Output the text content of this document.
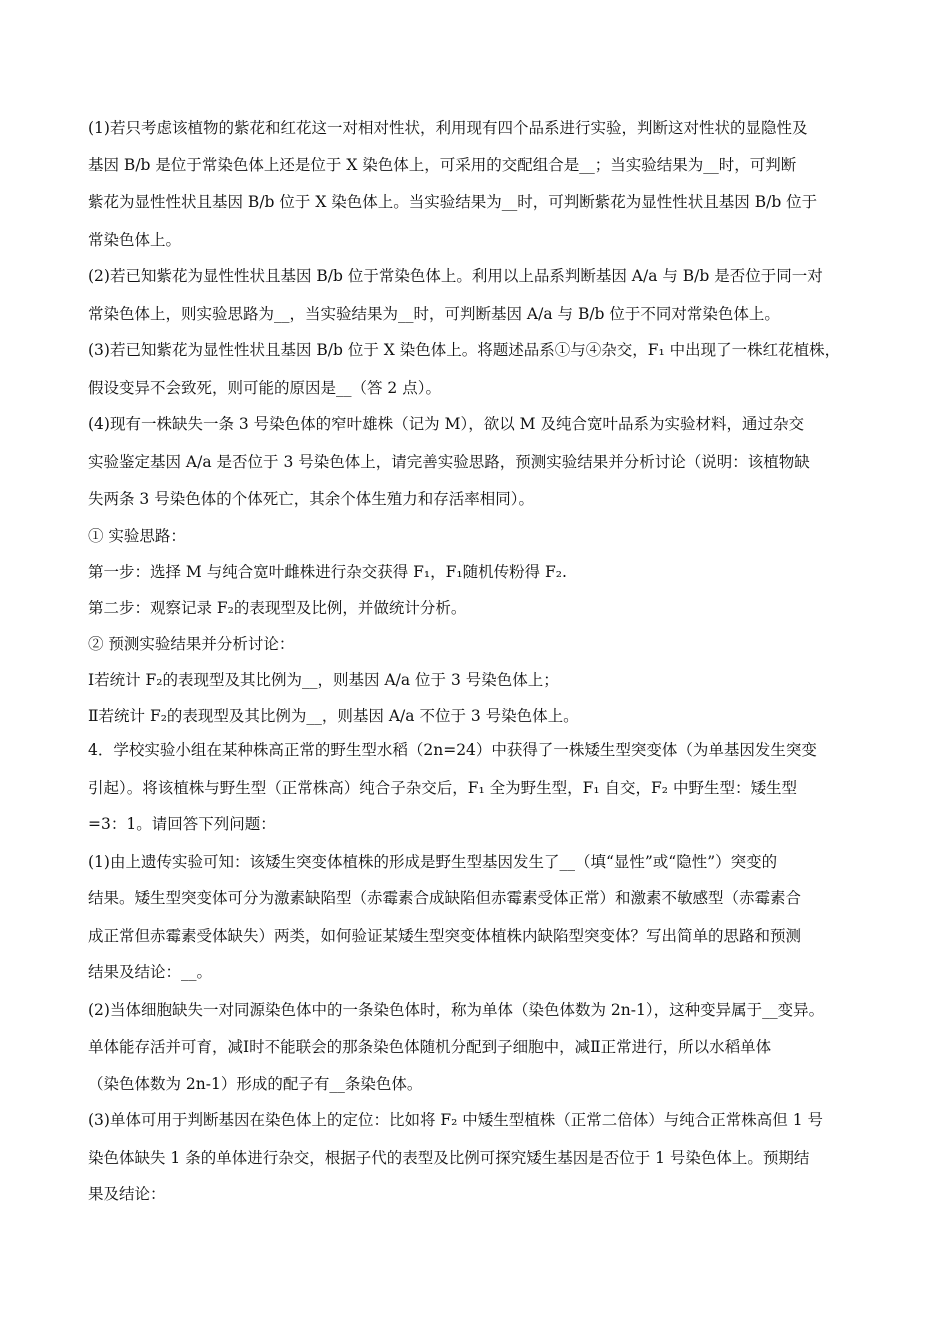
(1)若只考虑该植物的紫花和红花这一对相对性状，利用现有四个品系进行实验，判断这对性状的显隐性及
基因 B/b 是位于常染色体上还是位于 X 染色体上，可采用的交配组合是__；当实验结果为__时，可判断
紫花为显性性状且基因 B/b 位于 X 染色体上。当实验结果为__时，可判断紫花为显性性状且基因 B/b 位于
常染色体上。
(2)若已知紫花为显性性状且基因 B/b 位于常染色体上。利用以上品系判断基因 A/a 与 B/b 是否位于同一对
常染色体上，则实验思路为__，当实验结果为__时，可判断基因 A/a 与 B/b 位于不同对常染色体上。
(3)若已知紫花为显性性状且基因 B/b 位于 X 染色体上。将题述品系①与④杂交，F₁ 中出现了一株红花植株，
假设变异不会致死，则可能的原因是__（答 2 点）。
(4)现有一株缺失一条 3 号染色体的窄叶雄株（记为 M），欲以 M 及纯合宽叶品系为实验材料，通过杂交
实验鉴定基因 A/a 是否位于 3 号染色体上，请完善实验思路，预测实验结果并分析讨论（说明：该植物缺
失两条 3 号染色体的个体死亡，其余个体生殖力和存活率相同）。
① 实验思路：
第一步：选择 M 与纯合宽叶雌株进行杂交获得 F₁，F₁随机传粉得 F₂.
第二步：观察记录 F₂的表现型及比例，并做统计分析。
② 预测实验结果并分析讨论：
Ⅰ若统计 F₂的表现型及其比例为__，则基因 A/a 位于 3 号染色体上；
Ⅱ若统计 F₂的表现型及其比例为__，则基因 A/a 不位于 3 号染色体上。
4．学校实验小组在某种株高正常的野生型水稻（2n=24）中获得了一株矮生型突变体（为单基因发生突变
引起）。将该植株与野生型（正常株高）纯合子杂交后，F₁ 全为野生型，F₁ 自交，F₂ 中野生型：矮生型
=3：1。请回答下列问题：
(1)由上遗传实验可知：该矮生突变体植株的形成是野生型基因发生了__（填“显性”或“隐性”）突变的
结果。矮生型突变体可分为激素缺陷型（赤霉素合成缺陷但赤霉素受体正常）和激素不敏感型（赤霉素合
成正常但赤霉素受体缺失）两类，如何验证某矮生型突变体植株内缺陷型突变体？写出简单的思路和预测
结果及结论：__。
(2)当体细胞缺失一对同源染色体中的一条染色体时，称为单体（染色体数为 2n-1），这种变异属于__变异。
单体能存活并可育，减Ⅰ时不能联会的那条染色体随机分配到子细胞中，减Ⅱ正常进行，所以水稻单体
（染色体数为 2n-1）形成的配子有__条染色体。
(3)单体可用于判断基因在染色体上的定位：比如将 F₂ 中矮生型植株（正常二倍体）与纯合正常株高但 1 号
染色体缺失 1 条的单体进行杂交，根据子代的表型及比例可探究矮生基因是否位于 1 号染色体上。预期结
果及结论：
